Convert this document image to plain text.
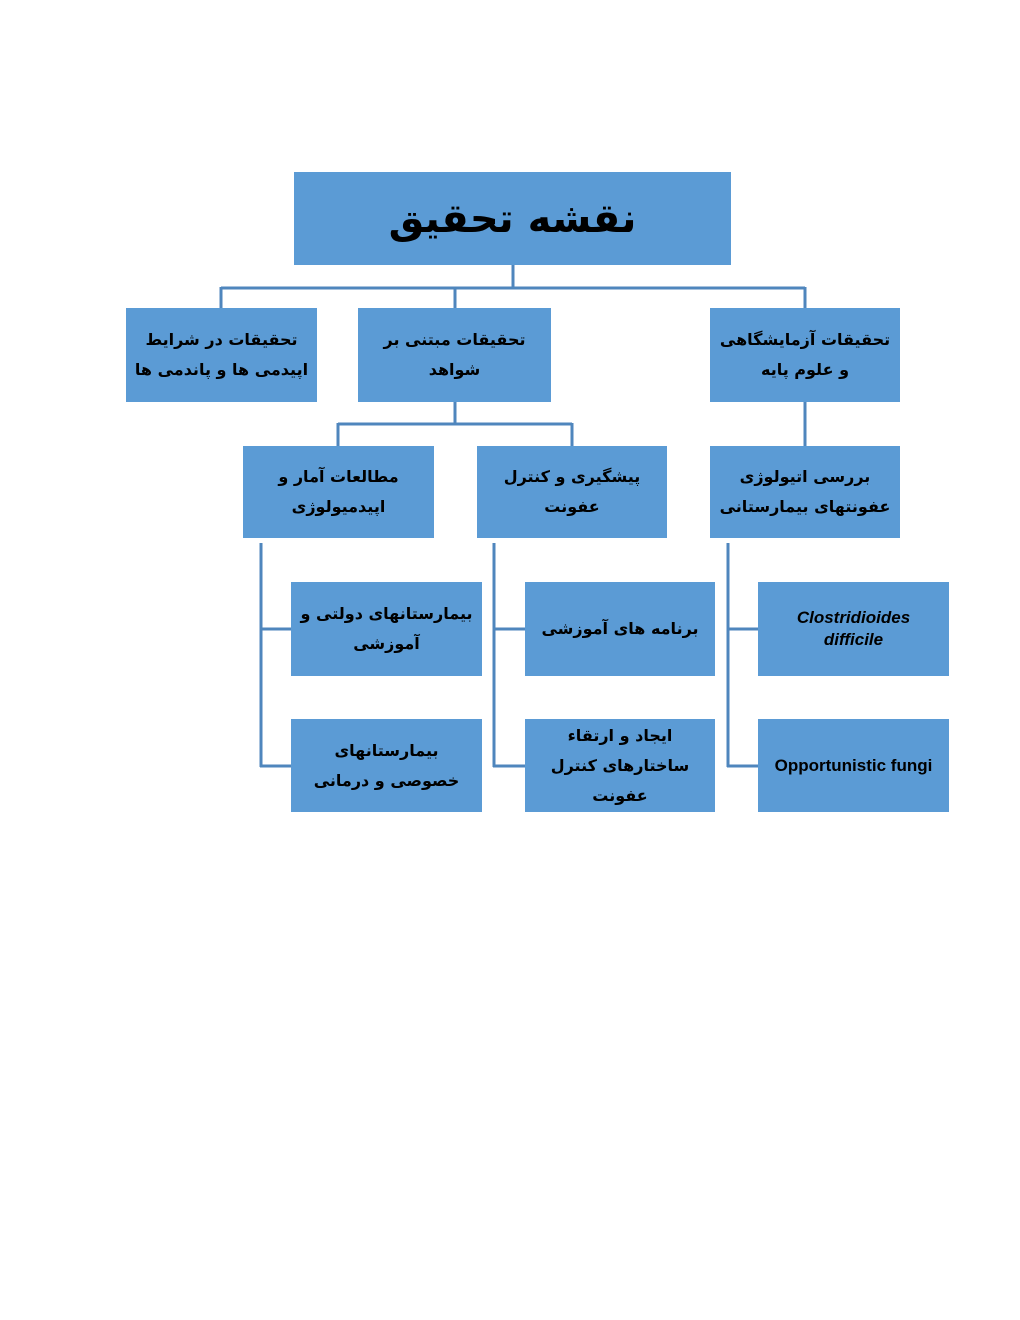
نقشه تحقیق
تحقیقات آزمایشگاهی و علوم پایه
تحقیقات مبتنی بر شواهد
تحقیقات در شرایط اپیدمی ها و پاندمی ها
بررسی اتیولوژی عفونتهای بیمارستانی
پیشگیری و کنترل عفونت
مطالعات آمار و اپیدمیولوژی
Clostridioides difficile
Opportunistic fungi
برنامه های آموزشی
ایجاد و ارتقاء ساختارهای کنترل عفونت
بیمارستانهای دولتی و آموزشی
بیمارستانهای خصوصی و درمانی
